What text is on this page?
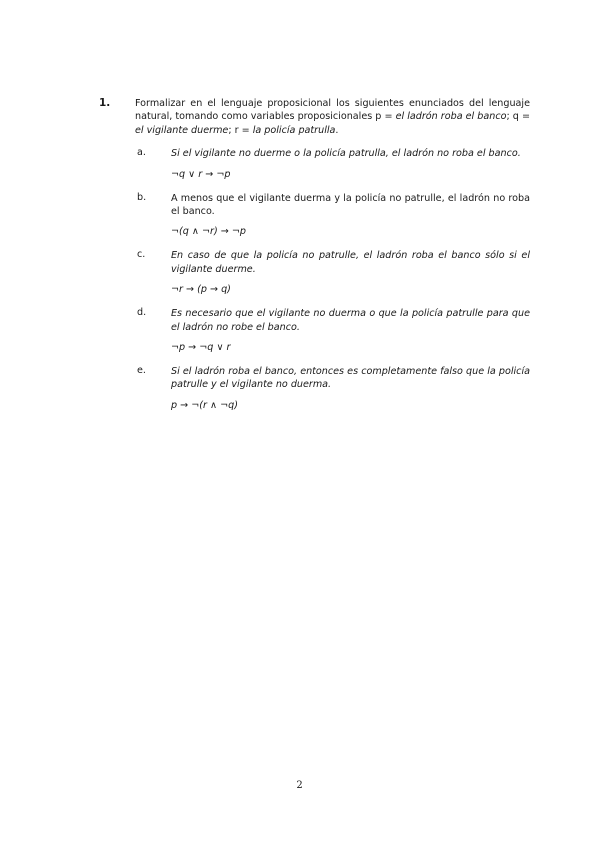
1.	Formalizar en el lenguaje proposicional los siguientes enunciados del lenguaje natural, tomando como variables proposicionales p = el ladrón roba el banco; q = el vigilante duerme; r = la policía patrulla.
a.	Si el vigilante no duerme o la policía patrulla, el ladrón no roba el banco.
¬q ∨ r → ¬p
b.	A menos que el vigilante duerma y la policía no patrulle, el ladrón no roba el banco.
¬(q ∧ ¬r) → ¬p
c.	En caso de que la policía no patrulle, el ladrón roba el banco sólo si el vigilante duerme.
¬r → (p → q)
d.	Es necesario que el vigilante no duerma o que la policía patrulle para que el ladrón no robe el banco.
¬p → ¬q ∨ r
e.	Si el ladrón roba el banco, entonces es completamente falso que la policía patrulle y el vigilante no duerma.
p → ¬(r ∧ ¬q)
2
